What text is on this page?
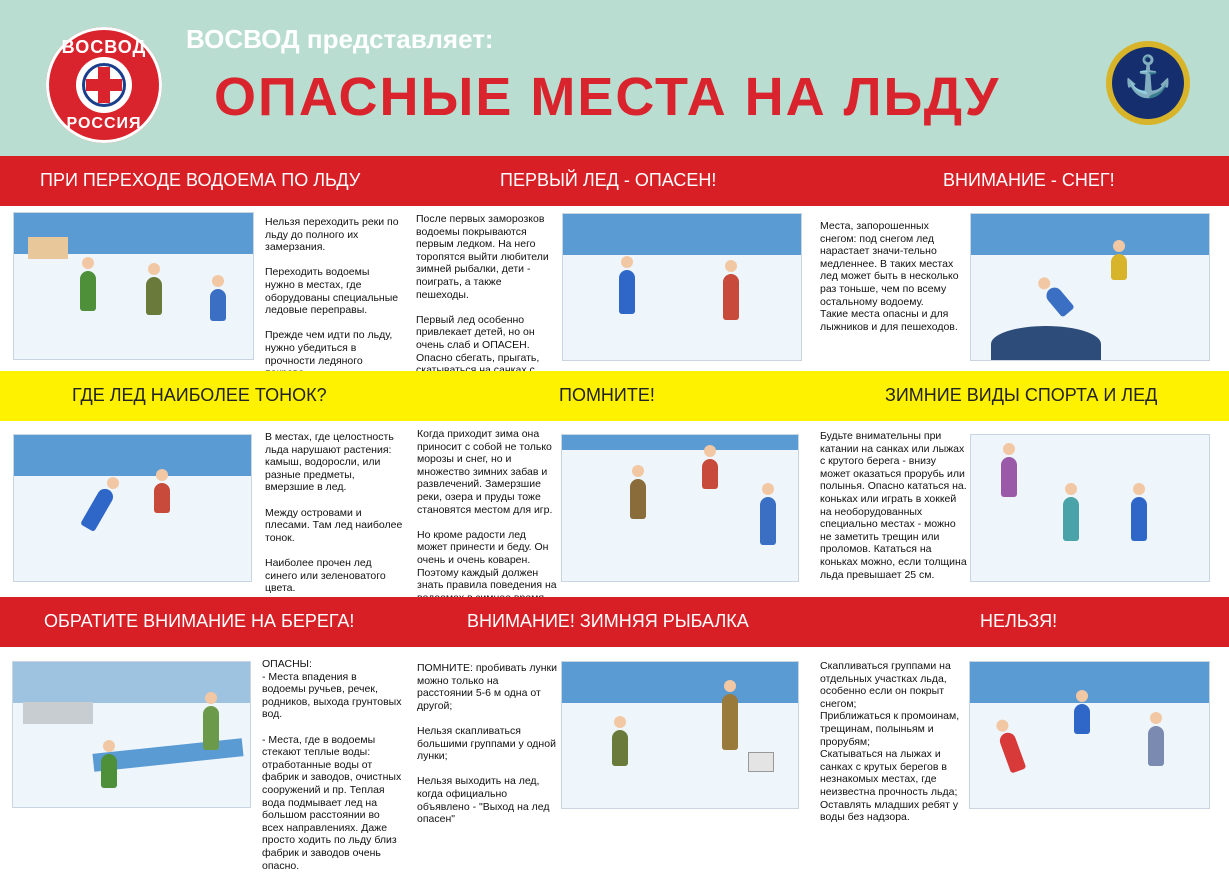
ВОСВОД
РОССИЯ
ВОСВОД представляет:
ОПАСНЫЕ МЕСТА НА ЛЬДУ	⚓
ПРИ ПЕРЕХОДЕ ВОДОЕМА ПО ЛЬДУ	ПЕРВЫЙ ЛЕД - ОПАСЕН!	ВНИМАНИЕ - СНЕГ!
Нельзя переходить реки по льду до полного их замерзания.

Переходить водоемы нужно в местах, где оборудованы специальные ледовые переправы.

Прежде чем идти по льду, нужно убедиться в прочности ледяного
После первых заморозков водоемы покрываются первым ледком. На него торопятся выйти любители зимней рыбалки, дети - поиграть, а также пешеходы.

Первый лед особенно привлекает детей, но он очень слаб и ОПАСЕН. Опасно сбегать, прыгать,
Места, запорошенных снегом: под снегом лед нарастает значи-тельно медленнее. В таких местах лед может быть в несколько раз тоньше, чем по всему остальному водоему.
Такие места опасны и для лыжников и для пешеходов.
ГДЕ ЛЕД НАИБОЛЕЕ ТОНОК?	ПОМНИТЕ!	ЗИМНИЕ ВИДЫ СПОРТА И ЛЕД
В местах, где целостность льда нарушают растения: камыш, водоросли, или разные предметы, вмерзшие в лед.

Между островами и плесами. Там лед наиболее тонок.

Наиболее прочен лед синего или зеленоватого цвета.
Когда приходит зима она приносит с собой не только морозы и снег, но и множество зимних забав и развлечений. Замерзшие реки, озера и пруды тоже становятся местом для игр.

Но кроме радости лед может принести и беду. Он очень и очень коварен. Поэтому каждый должен знать правила поведения на
Будьте внимательны при катании на санках или лыжах с крутого берега - внизу может оказаться прорубь или полынья. Опасно кататься на. коньках или играть в хоккей на необорудованных специально местах - можно не заметить трещин или проломов. Кататься на коньках можно, если толщина льда превышает 25 см.
ОБРАТИТЕ ВНИМАНИЕ НА БЕРЕГА!	ВНИМАНИЕ! ЗИМНЯЯ РЫБАЛКА	НЕЛЬЗЯ!
ОПАСНЫ:
- Места впадения в водоемы ручьев, речек, родников, выхода грунтовых вод.

- Места, где в водоемы стекают теплые воды: отработанные воды от фабрик и заводов, очистных сооружений и пр. Теплая вода подмывает лед на большом расстоянии во всех направлениях. Даже просто ходить по льду близ фабрик и заводов очень опасно.
ПОМНИТЕ: пробивать лунки можно только на расстоянии 5-6 м одна от другой;

Нельзя скапливаться большими группами у одной лунки;

Нельзя выходить на лед, когда официально объявлено - "Выход на лед опасен"
Скапливаться группами на отдельных участках льда, особенно если он покрыт снегом;
Приближаться к промоинам, трещинам, полыньям и прорубям;
Скатываться на лыжах и санках с крутых берегов в незнакомых местах, где неизвестна прочность льда;
Оставлять младших ребят у воды без надзора.
